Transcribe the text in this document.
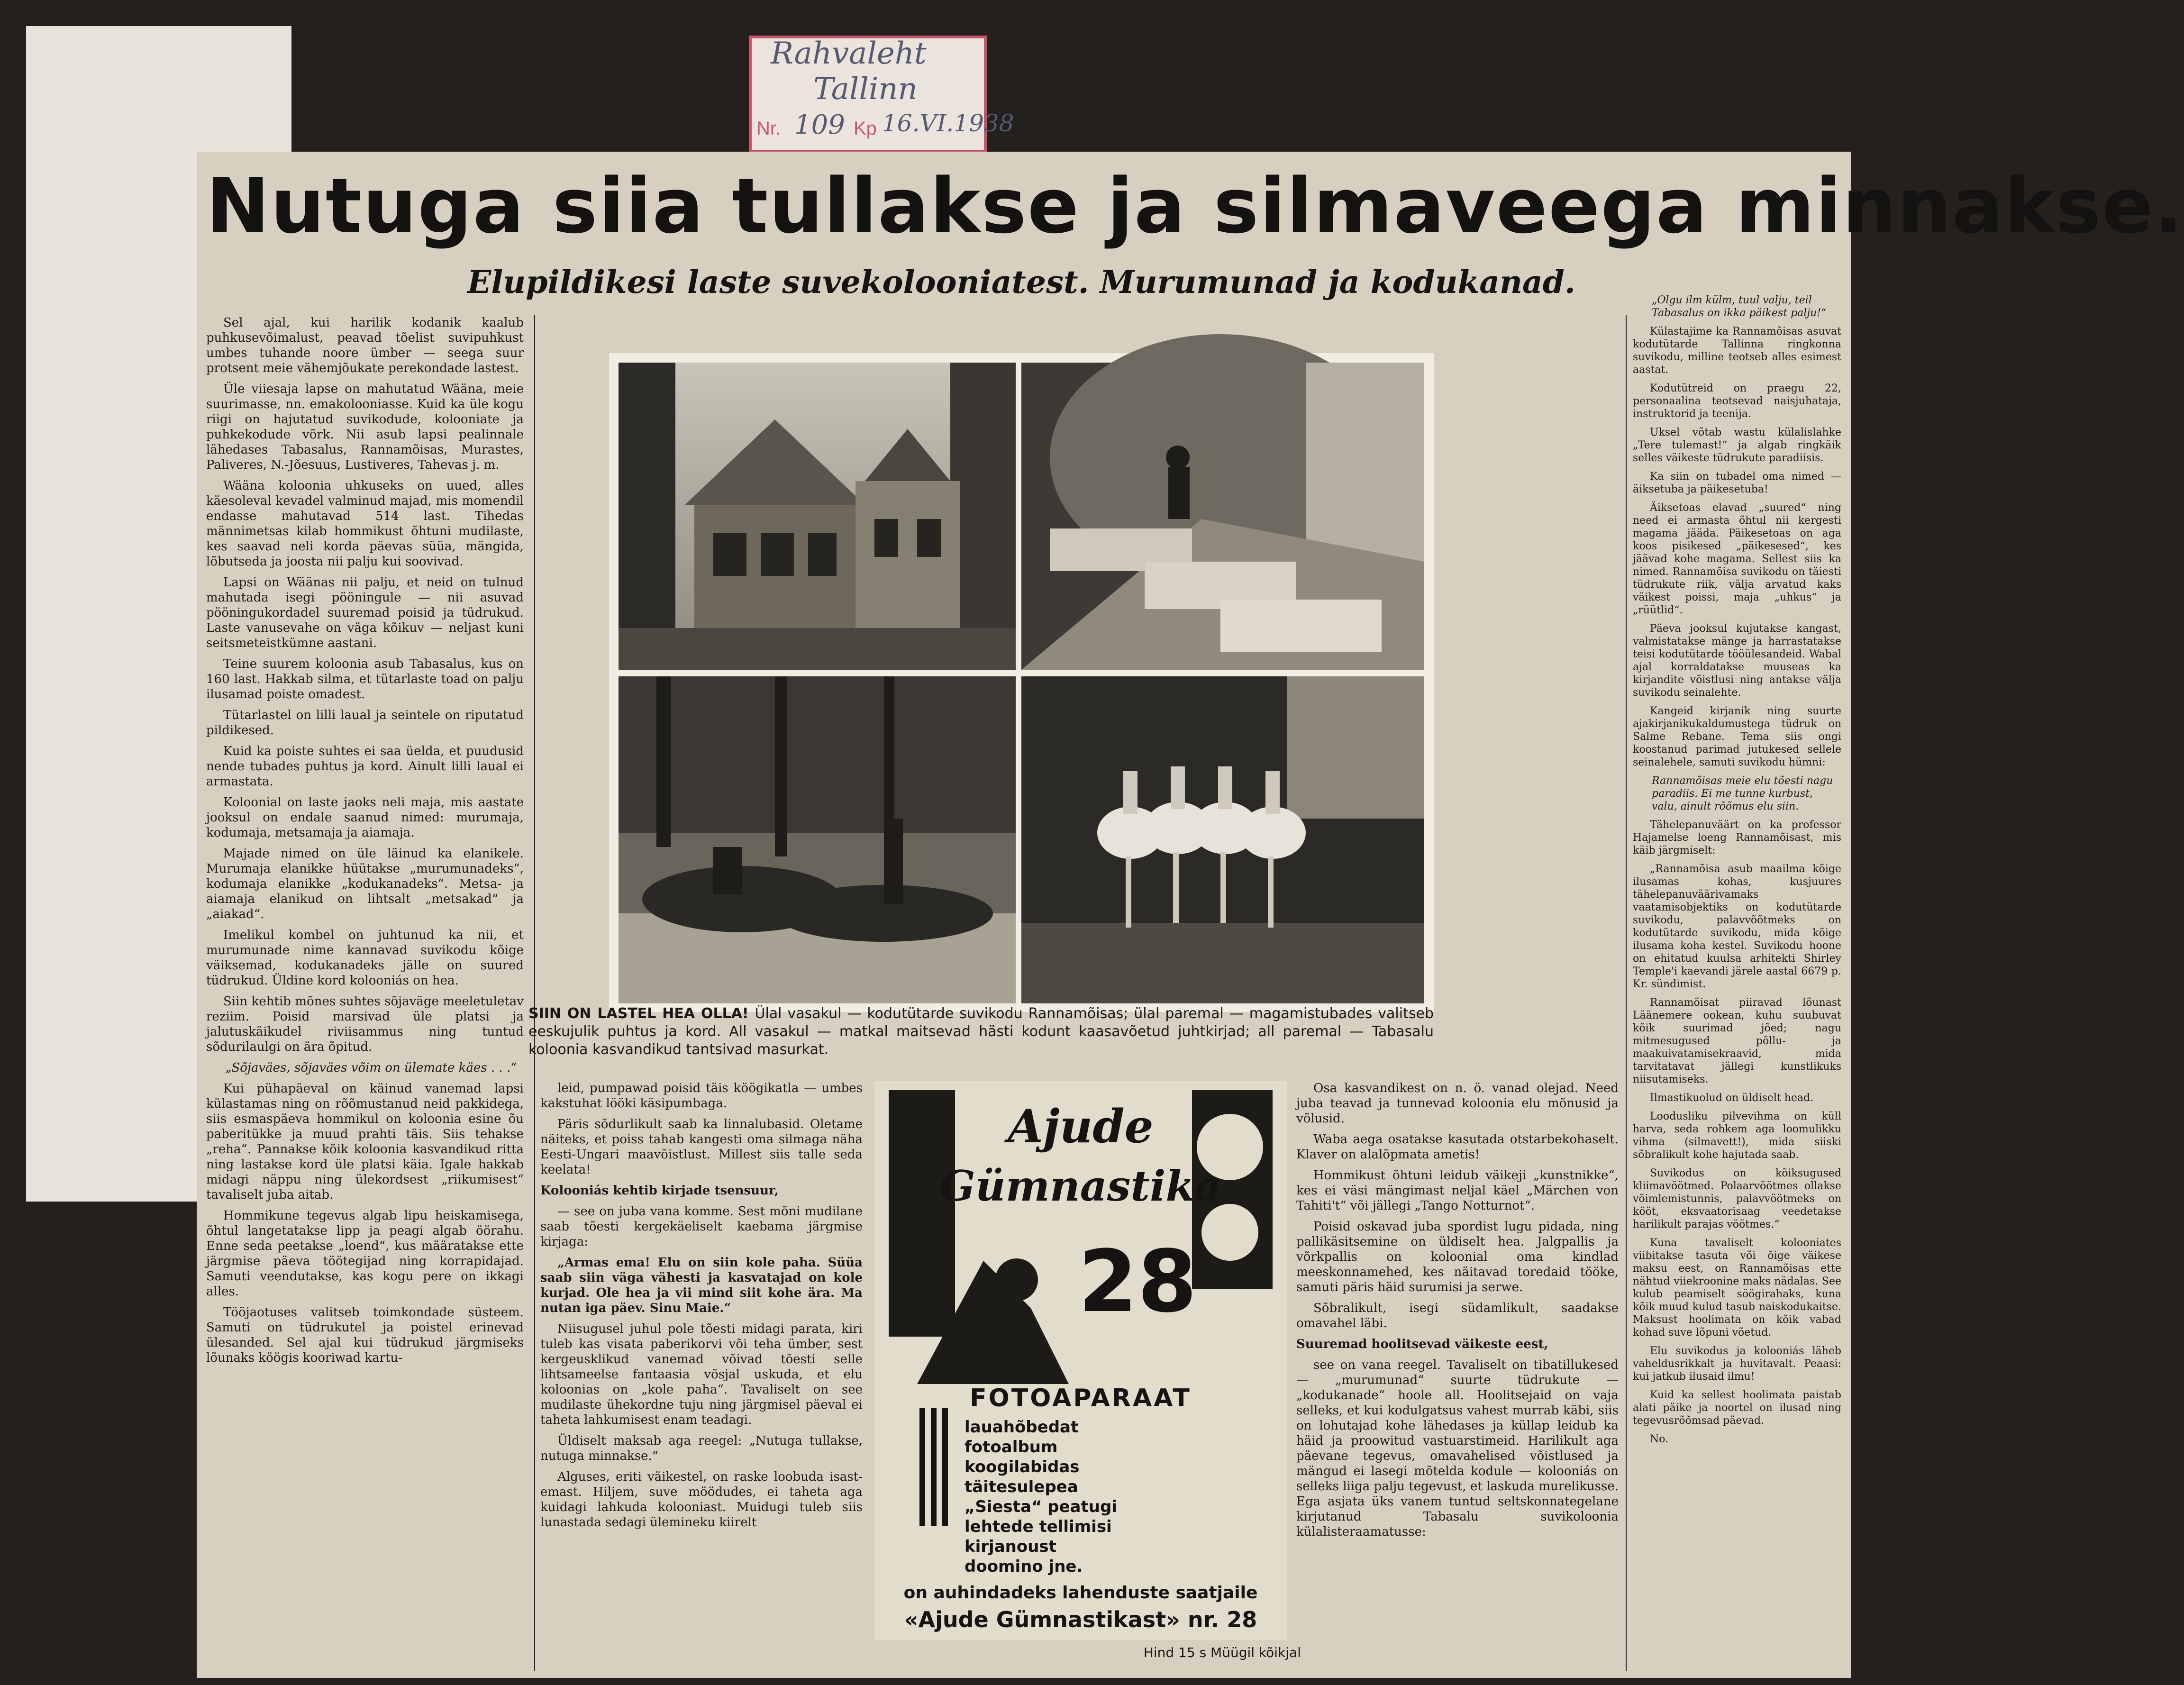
Rahvaleht
Tallinn
Nr. 109 Kp 16.VI.1938
Nutuga siia tullakse ja silmaveega minnakse.
Elupildikesi laste suvekolooniatest. Murumunad ja kodukanad.

Sel ajal, kui harilik kodanik kaalub puhkusevõimalust, peavad tõelist suvipuhkust umbes tuhande noore ümber — seega suur protsent meie vähemjõukate perekondade lastest.

Üle viiesaja lapse on mahutatud Wääna, meie suurimasse, nn. emakolooniasse. Kuid ka üle kogu riigi on hajutatud suvikodude, kolooniate ja puhkekodude võrk. Nii asub lapsi pealinnale lähedases Tabasalus, Rannamõisas, Murastes, Paliveres, N.-Jõesuus, Lustiveres, Tahevas j. m.

Wääna koloonia uhkuseks on uued, alles käesoleval kevadel valminud majad, mis momendil endasse mahutavad 514 last. Tihedas männimetsas kilab hommikust õhtuni mudilaste, kes saavad neli korda päevas süüa, mängida, lõbutseda ja joosta nii palju kui soovivad.

Lapsi on Wäänas nii palju, et neid on tulnud mahutada isegi pööningule — nii asuvad pööningukordadel suuremad poisid ja tüdrukud. Laste vanusevahe on väga kõikuv — neljast kuni seitsmeteistkümne aastani.

Teine suurem koloonia asub Tabasalus, kus on 160 last. Hakkab silma, et tütarlaste toad on palju ilusamad poiste omadest.

Tütarlastel on lilli laual ja seintele on riputatud pildikesed.

Kuid ka poiste suhtes ei saa üelda, et puudusid nende tubades puhtus ja kord. Ainult lilli laual ei armastata.

Koloonial on laste jaoks neli maja, mis aastate jooksul on endale saanud nimed: murumaja, kodumaja, metsamaja ja aiamaja.

Majade nimed on üle läinud ka elanikele. Murumaja elanikke hüütakse „murumunadeks“, kodumaja elanikke „kodukanadeks“. Metsa- ja aiamaja elanikud on lihtsalt „metsakad“ ja „aiakad“.

Imelikul kombel on juhtunud ka nii, et murumunade nime kannavad suvikodu kõige väiksemad, kodukanadeks jälle on suured tüdrukud. Üldine kord kolooniás on hea.

Siin kehtib mõnes suhtes sõjaväge meeletuletav reziim. Poisid marsivad üle platsi ja jalutuskäikudel riviisammus ning tuntud sõdurilaulgi on ära õpitud.

„Sõjaväes, sõjaväes võim on ülemate käes . . .“

Kui pühapäeval on käinud vanemad lapsi külastamas ning on rõõmustanud neid pakkidega, siis esmaspäeva hommikul on koloonia esine õu paberitükke ja muud prahti täis. Siis tehakse „reha“. Pannakse kõik koloonia kasvandikud ritta ning lastakse kord üle platsi käia. Igale hakkab midagi näppu ning ülekordsest „riikumisest“ tavaliselt juba aitab.

Hommikune tegevus algab lipu heiskamisega, õhtul langetatakse lipp ja peagi algab öörahu. Enne seda peetakse „loend“, kus määratakse ette järgmise päeva töötegijad ning korrapidajad. Samuti veendutakse, kas kogu pere on ikkagi alles.

Tööjaotuses valitseb toimkondade süsteem. Samuti on tüdrukutel ja poistel erinevad ülesanded. Sel ajal kui tüdrukud järgmiseks lõunaks köögis kooriwad kartu-

SIIN ON LASTEL HEA OLLA! Ülal vasakul — kodutütarde suvikodu Rannamõisas; ülal paremal — magamistubades valitseb eeskujulik puhtus ja kord. All vasakul — matkal maitsevad hästi kodunt kaasavõetud juhtkirjad; all paremal — Tabasalu koloonia kasvandikud tantsivad masurkat.

leid, pumpawad poisid täis köögikatla — umbes kakstuhat lööki käsipumbaga.

Päris sõdurlikult saab ka linnalubasid. Oletame näiteks, et poiss tahab kangesti oma silmaga näha Eesti-Ungari maavõistlust. Millest siis talle seda keelata!

Kolooniás kehtib kirjade tsensuur,

— see on juba vana komme. Sest mõni mudilane saab tõesti kergekäeliselt kaebama järgmise kirjaga:

„Armas ema! Elu on siin kole paha. Süüa saab siin väga vähesti ja kasvatajad on kole kurjad. Ole hea ja vii mind siit kohe ära. Ma nutan iga päev. Sinu Maie.“

Niisugusel juhul pole tõesti midagi parata, kiri tuleb kas visata paberikorvi või teha ümber, sest kergeusklikud vanemad võivad tõesti selle lihtsameelse fantaasia võsjal uskuda, et elu koloonias on „kole paha“. Tavaliselt on see mudilaste ühekordne tuju ning järgmisel päeval ei taheta lahkumisest enam teadagi.

Üldiselt maksab aga reegel: „Nutuga tullakse, nutuga minnakse.“

Alguses, eriti väikestel, on raske loobuda isast-emast. Hiljem, suve möödudes, ei taheta aga kuidagi lahkuda kolooniast. Muidugi tuleb siis lunastada sedagi ülemineku kiirelt

Ajude
Gümnastika
28
FOTOAPARAAT
lauahõbedat
fotoalbum
koogilabidas
täitesulepea
„Siesta“ peatugi
lehtede tellimisi
kirjanoust
doomino jne.
on auhindadeks lahenduste saatjaile
«Ajude Gümnastikast» nr. 28
Hind 15 s Müügil kõikjal

Osa kasvandikest on n. ö. vanad olejad. Need juba teavad ja tunnevad koloonia elu mõnusid ja võlusid.

Waba aega osatakse kasutada otstarbekohaselt. Klaver on alalõpmata ametis!

Hommikust õhtuni leidub väikeji „kunstnikke“, kes ei väsi mängimast neljal käel „Märchen von Tahiti't“ või jällegi „Tango Notturnot“.

Poisid oskavad juba spordist lugu pidada, ning pallikäsitsemine on üldiselt hea. Jalgpallis ja võrkpallis on koloonial oma kindlad meeskonnamehed, kes näitavad toredaid tööke, samuti päris häid surumisi ja serwe.

Sõbralikult, isegi südamlikult, saadakse omavahel läbi.

Suuremad hoolitsevad väikeste eest,

see on vana reegel. Tavaliselt on tibatillukesed — „murumunad“ suurte tüdrukute — „kodukanade“ hoole all. Hoolitsejaid on vaja selleks, et kui kodulgatsus vahest murrab käbi, siis on lohutajad kohe lähedases ja küllap leidub ka häid ja proowitud vastuarstimeid. Harilikult aga päevane tegevus, omavahelised võistlused ja mängud ei lasegi mõtelda kodule — kolooniás on selleks liiga palju tegevust, et laskuda murelikusse. Ega asjata üks vanem tuntud seltskonnategelane kirjutanud Tabasalu suvikoloonia külalisteraamatusse:

„Olgu ilm külm, tuul valju, teil Tabasalus on ikka päikest palju!“

Külastajime ka Rannamõisas asuvat kodutütarde Tallinna ringkonna suvikodu, milline teotseb alles esimest aastat.

Kodutütreid on praegu 22, personaalina teotsevad naisjuhataja, instruktorid ja teenija.

Uksel võtab wastu külalislahke „Tere tulemast!“ ja algab ringkäik selles väikeste tüdrukute paradiisis.

Ka siin on tubadel oma nimed — äiksetuba ja päikesetuba!

Äiksetoas elavad „suured“ ning need ei armasta õhtul nii kergesti magama jääda. Päikesetoas on aga koos pisikesed „päikesesed“, kes jäävad kohe magama. Sellest siis ka nimed. Rannamõisa suvikodu on täiesti tüdrukute riik, välja arvatud kaks väikest poissi, maja „uhkus“ ja „rüütlid“.

Päeva jooksul kujutakse kangast, valmistatakse mänge ja harrastatakse teisi kodutütarde tööülesandeid. Wabal ajal korraldatakse muuseas ka kirjandite võistlusi ning antakse välja suvikodu seinalehte.

Kangeid kirjanik ning suurte ajakirjanikukaldumustega tüdruk on Salme Rebane. Tema siis ongi koostanud parimad jutukesed sellele seinalehele, samuti suvikodu hümni:

Rannamõisas meie elu tõesti nagu paradiis. Ei me tunne kurbust, valu, ainult rõõmus elu siin.

Tähelepanuväärt on ka professor Hajamelse loeng Rannamõisast, mis käib järgmiselt:

„Rannamõisa asub maailma kõige ilusamas kohas, kusjuures tähelepanuväärivamaks vaatamisobjektiks on kodutütarde suvikodu, palavvõõtmeks on kodutütarde suvikodu, mida kõige ilusama koha kestel. Suvikodu hoone on ehitatud kuulsa arhitekti Shirley Temple'i kaevandi järele aastal 6679 p. Kr. sündimist.

Rannamõisat piiravad lõunast Läänemere ookean, kuhu suubuvat kõik suurimad jõed; nagu mitmesugused põllu- ja maakuivatamisekraavid, mida tarvitatavat jällegi kunstlikuks niisutamiseks.

Ilmastikuolud on üldiselt head.

Loodusliku pilvevihma on küll harva, seda rohkem aga loomulikku vihma (silmavett!), mida siiski sõbralikult kohe hajutada saab.

Suvikodus on kõiksugused kliimavöötmed. Polaarvöötmes ollakse võimlemistunnis, palavvöötmeks on kööt, eksvaatorisaag veedetakse harilikult parajas vöötmes.“

Kuna tavaliselt kolooniates viibitakse tasuta või õige väikese maksu eest, on Rannamõisas ette nähtud viiekroonine maks nädalas. See kulub peamiselt söögirahaks, kuna kõik muud kulud tasub naiskodukaitse. Maksust hoolimata on kõik vabad kohad suve lõpuni võetud.

Elu suvikodus ja kolooniás läheb vaheldusrikkalt ja huvitavalt. Peaasi: kui jatkub ilusaid ilmu!

Kuid ka sellest hoolimata paistab alati päike ja noortel on ilusad ning tegevusrõõmsad päevad.

No.
